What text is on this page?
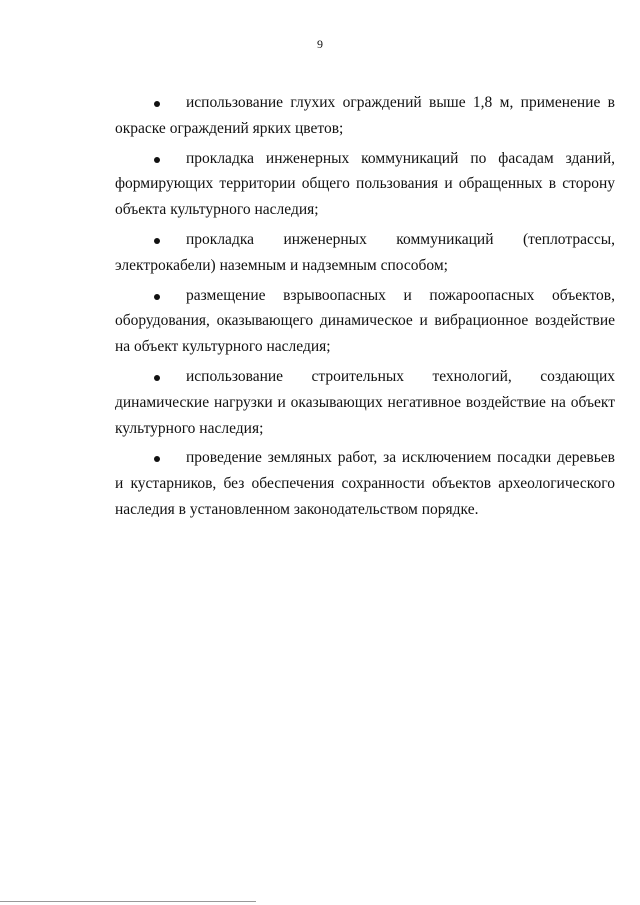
9
использование глухих ограждений выше 1,8 м, применение в окраске ограждений ярких цветов;
прокладка инженерных коммуникаций по фасадам зданий, формирующих территории общего пользования и обращенных в сторону объекта культурного наследия;
прокладка инженерных коммуникаций (теплотрассы, электрокабели) наземным и надземным способом;
размещение взрывоопасных и пожароопасных объектов, оборудования, оказывающего динамическое и вибрационное воздействие на объект культурного наследия;
использование строительных технологий, создающих динамические нагрузки и оказывающих негативное воздействие на объект культурного наследия;
проведение земляных работ, за исключением посадки деревьев и кустарников, без обеспечения сохранности объектов археологического наследия в установленном законодательством порядке.
